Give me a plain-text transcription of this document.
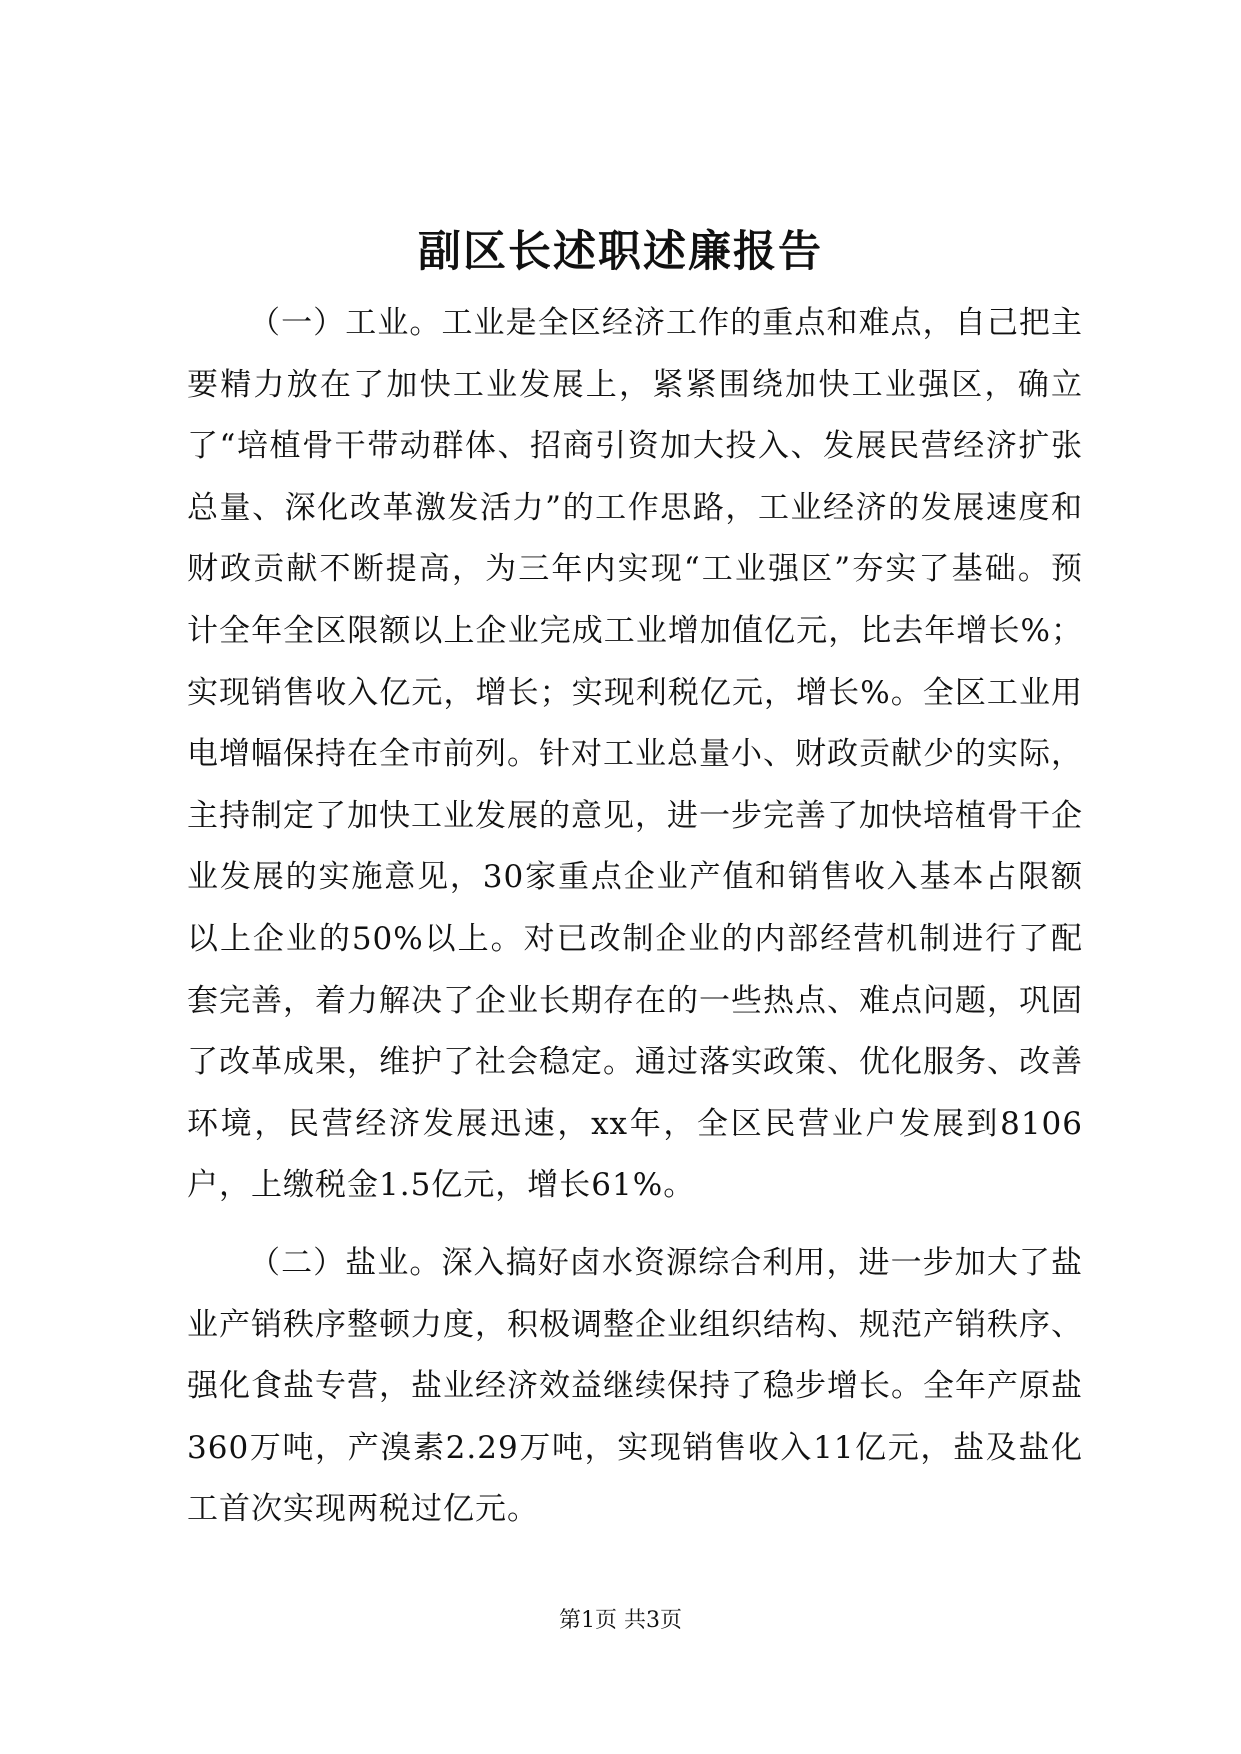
副区长述职述廉报告

（一）工业。工业是全区经济工作的重点和难点，自己把主要精力放在了加快工业发展上，紧紧围绕加快工业强区，确立了“培植骨干带动群体、招商引资加大投入、发展民营经济扩张总量、深化改革激发活力”的工作思路，工业经济的发展速度和财政贡献不断提高，为三年内实现“工业强区”夯实了基础。预计全年全区限额以上企业完成工业增加值亿元，比去年增长%；实现销售收入亿元，增长；实现利税亿元，增长%。全区工业用电增幅保持在全市前列。针对工业总量小、财政贡献少的实际，主持制定了加快工业发展的意见，进一步完善了加快培植骨干企业发展的实施意见，30家重点企业产值和销售收入基本占限额以上企业的50%以上。对已改制企业的内部经营机制进行了配套完善，着力解决了企业长期存在的一些热点、难点问题，巩固了改革成果，维护了社会稳定。通过落实政策、优化服务、改善环境，民营经济发展迅速，xx年，全区民营业户发展到8106户，上缴税金1.5亿元，增长61%。

（二）盐业。深入搞好卤水资源综合利用，进一步加大了盐业产销秩序整顿力度，积极调整企业组织结构、规范产销秩序、强化食盐专营，盐业经济效益继续保持了稳步增长。全年产原盐360万吨，产溴素2.29万吨，实现销售收入11亿元，盐及盐化工首次实现两税过亿元。

第1页 共3页
